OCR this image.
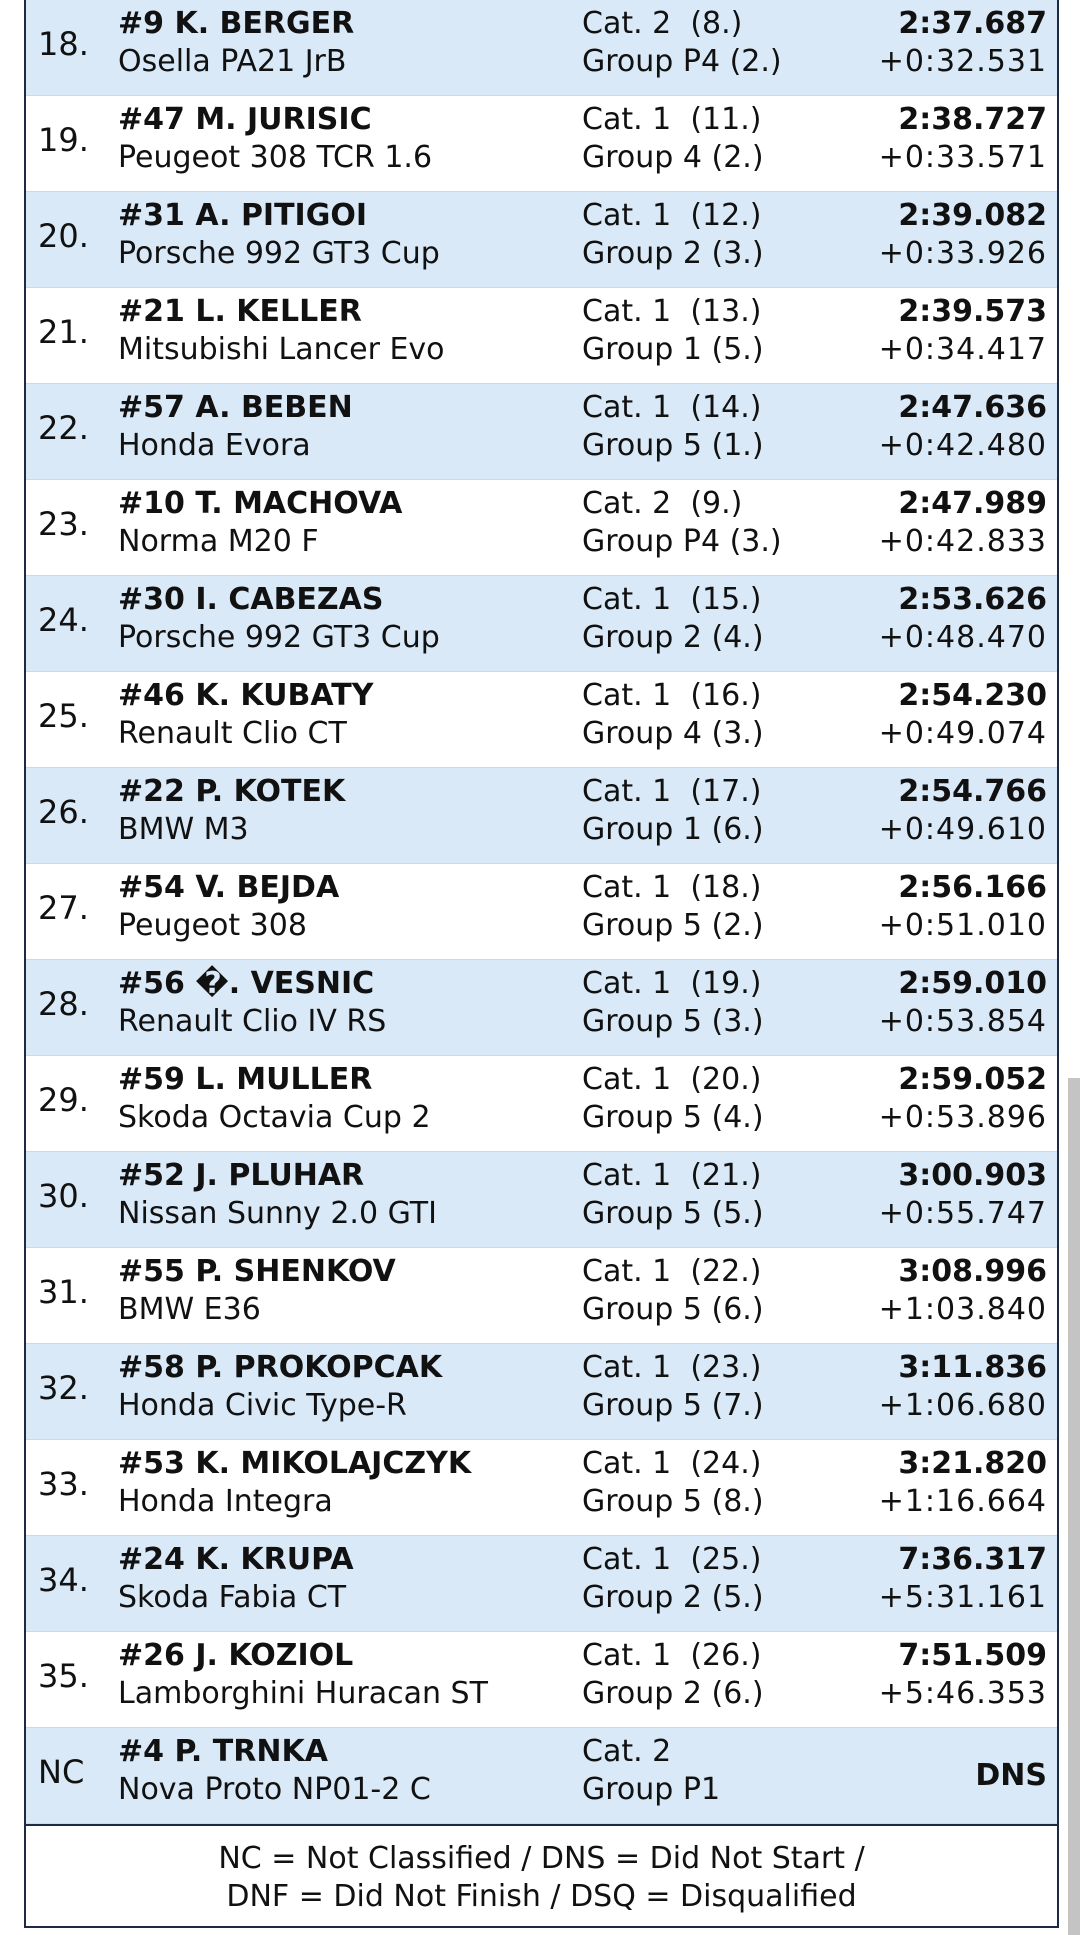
18.
#9 K. BERGER
Osella PA21 JrB
Cat. 2  (8.)
Group P4 (2.)
2:37.687
+0:32.531
19.
#47 M. JURISIC
Peugeot 308 TCR 1.6
Cat. 1  (11.)
Group 4 (2.)
2:38.727
+0:33.571
20.
#31 A. PITIGOI
Porsche 992 GT3 Cup
Cat. 1  (12.)
Group 2 (3.)
2:39.082
+0:33.926
21.
#21 L. KELLER
Mitsubishi Lancer Evo
Cat. 1  (13.)
Group 1 (5.)
2:39.573
+0:34.417
22.
#57 A. BEBEN
Honda Evora
Cat. 1  (14.)
Group 5 (1.)
2:47.636
+0:42.480
23.
#10 T. MACHOVA
Norma M20 F
Cat. 2  (9.)
Group P4 (3.)
2:47.989
+0:42.833
24.
#30 I. CABEZAS
Porsche 992 GT3 Cup
Cat. 1  (15.)
Group 2 (4.)
2:53.626
+0:48.470
25.
#46 K. KUBATY
Renault Clio CT
Cat. 1  (16.)
Group 4 (3.)
2:54.230
+0:49.074
26.
#22 P. KOTEK
BMW M3
Cat. 1  (17.)
Group 1 (6.)
2:54.766
+0:49.610
27.
#54 V. BEJDA
Peugeot 308
Cat. 1  (18.)
Group 5 (2.)
2:56.166
+0:51.010
28.
#56 �. VESNIC
Renault Clio IV RS
Cat. 1  (19.)
Group 5 (3.)
2:59.010
+0:53.854
29.
#59 L. MULLER
Skoda Octavia Cup 2
Cat. 1  (20.)
Group 5 (4.)
2:59.052
+0:53.896
30.
#52 J. PLUHAR
Nissan Sunny 2.0 GTI
Cat. 1  (21.)
Group 5 (5.)
3:00.903
+0:55.747
31.
#55 P. SHENKOV
BMW E36
Cat. 1  (22.)
Group 5 (6.)
3:08.996
+1:03.840
32.
#58 P. PROKOPCAK
Honda Civic Type-R
Cat. 1  (23.)
Group 5 (7.)
3:11.836
+1:06.680
33.
#53 K. MIKOLAJCZYK
Honda Integra
Cat. 1  (24.)
Group 5 (8.)
3:21.820
+1:16.664
34.
#24 K. KRUPA
Skoda Fabia CT
Cat. 1  (25.)
Group 2 (5.)
7:36.317
+5:31.161
35.
#26 J. KOZIOL
Lamborghini Huracan ST
Cat. 1  (26.)
Group 2 (6.)
7:51.509
+5:46.353
NC
#4 P. TRNKA
Nova Proto NP01-2 C
Cat. 2
Group P1	DNS
NC = Not Classified / DNS = Did Not Start /
DNF = Did Not Finish / DSQ = Disqualified
